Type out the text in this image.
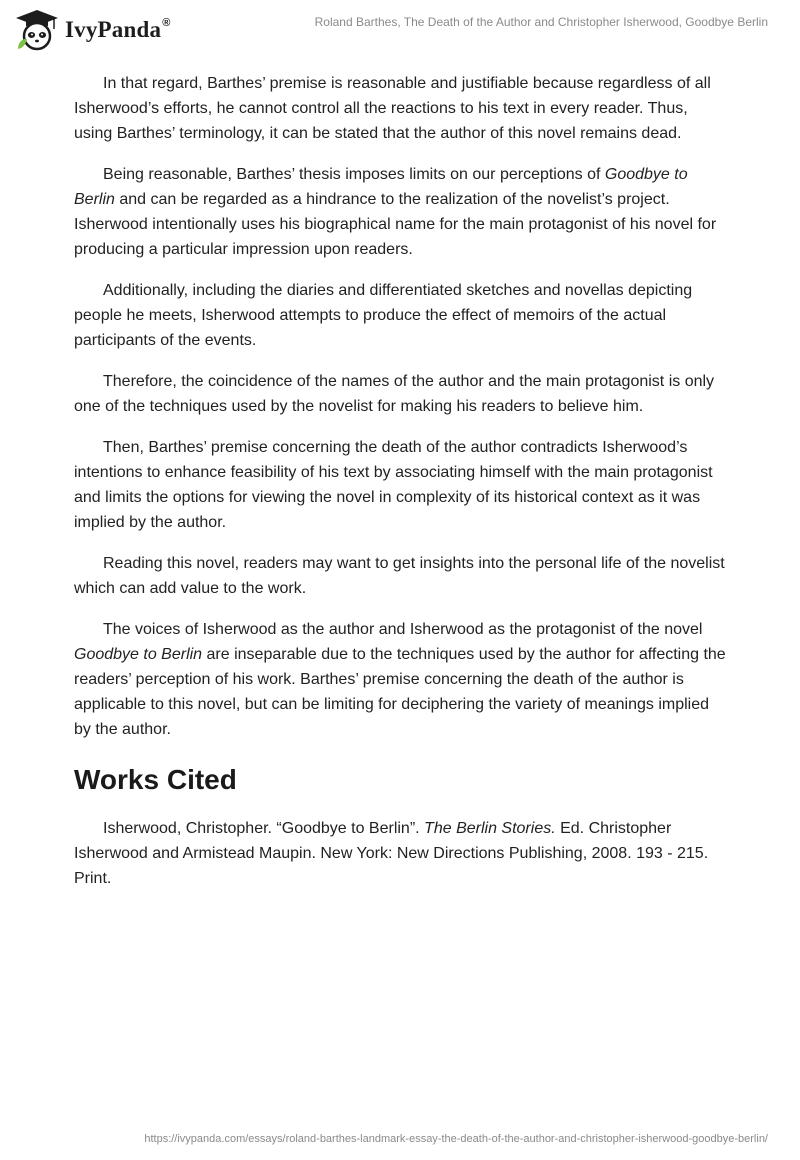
IvyPanda®	Roland Barthes, The Death of the Author and Christopher Isherwood, Goodbye Berlin

In that regard, Barthes’ premise is reasonable and justifiable because regardless of all Isherwood’s efforts, he cannot control all the reactions to his text in every reader. Thus, using Barthes’ terminology, it can be stated that the author of this novel remains dead.

Being reasonable, Barthes’ thesis imposes limits on our perceptions of Goodbye to Berlin and can be regarded as a hindrance to the realization of the novelist’s project. Isherwood intentionally uses his biographical name for the main protagonist of his novel for producing a particular impression upon readers.

Additionally, including the diaries and differentiated sketches and novellas depicting people he meets, Isherwood attempts to produce the effect of memoirs of the actual participants of the events.

Therefore, the coincidence of the names of the author and the main protagonist is only one of the techniques used by the novelist for making his readers to believe him.

Then, Barthes’ premise concerning the death of the author contradicts Isherwood’s intentions to enhance feasibility of his text by associating himself with the main protagonist and limits the options for viewing the novel in complexity of its historical context as it was implied by the author.

Reading this novel, readers may want to get insights into the personal life of the novelist which can add value to the work.

The voices of Isherwood as the author and Isherwood as the protagonist of the novel Goodbye to Berlin are inseparable due to the techniques used by the author for affecting the readers’ perception of his work. Barthes’ premise concerning the death of the author is applicable to this novel, but can be limiting for deciphering the variety of meanings implied by the author.

Works Cited

Isherwood, Christopher. “Goodbye to Berlin”. The Berlin Stories. Ed. Christopher Isherwood and Armistead Maupin. New York: New Directions Publishing, 2008. 193 - 215. Print.

https://ivypanda.com/essays/roland-barthes-landmark-essay-the-death-of-the-author-and-christopher-isherwood-goodbye-berlin/
